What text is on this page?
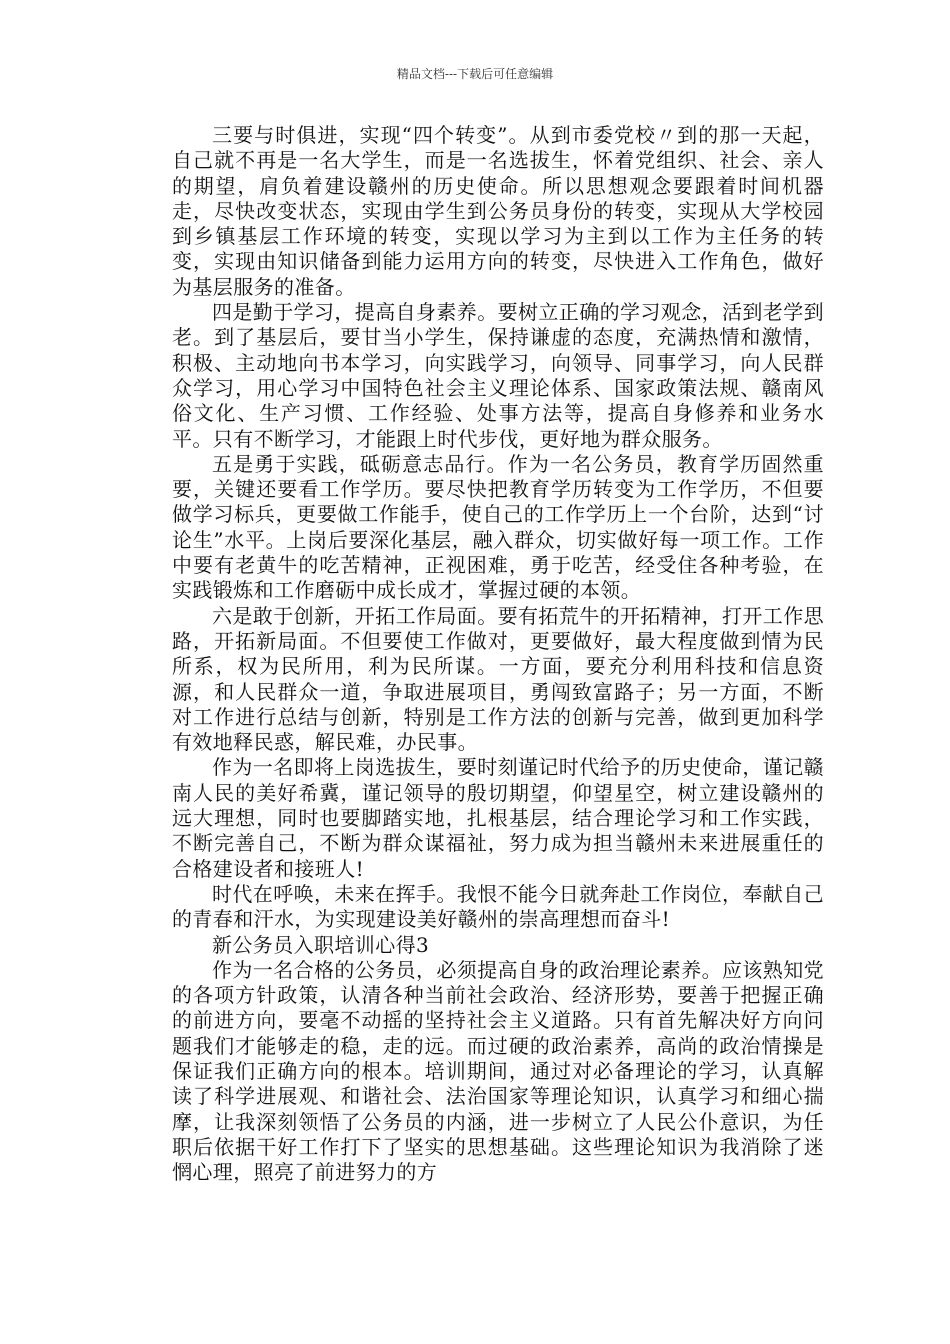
精品文档---下载后可任意编辑

三要与时俱进，实现“四个转变”。从到市委党校〃到的那一天起，自己就不再是一名大学生，而是一名选拔生，怀着党组织、社会、亲人的期望，肩负着建设赣州的历史使命。所以思想观念要跟着时间机器走，尽快改变状态，实现由学生到公务员身份的转变，实现从大学校园到乡镇基层工作环境的转变，实现以学习为主到以工作为主任务的转变，实现由知识储备到能力运用方向的转变，尽快进入工作角色，做好为基层服务的准备。

四是勤于学习，提高自身素养。要树立正确的学习观念，活到老学到老。到了基层后，要甘当小学生，保持谦虚的态度，充满热情和激情，积极、主动地向书本学习，向实践学习，向领导、同事学习，向人民群众学习，用心学习中国特色社会主义理论体系、国家政策法规、赣南风俗文化、生产习惯、工作经验、处事方法等，提高自身修养和业务水平。只有不断学习，才能跟上时代步伐，更好地为群众服务。

五是勇于实践，砥砺意志品行。作为一名公务员，教育学历固然重要，关键还要看工作学历。要尽快把教育学历转变为工作学历，不但要做学习标兵，更要做工作能手，使自己的工作学历上一个台阶，达到“讨论生”水平。上岗后要深化基层，融入群众，切实做好每一项工作。工作中要有老黄牛的吃苦精神，正视困难，勇于吃苦，经受住各种考验，在实践锻炼和工作磨砺中成长成才，掌握过硬的本领。

六是敢于创新，开拓工作局面。要有拓荒牛的开拓精神，打开工作思路，开拓新局面。不但要使工作做对，更要做好，最大程度做到情为民所系，权为民所用，利为民所谋。一方面，要充分利用科技和信息资源，和人民群众一道，争取进展项目，勇闯致富路子；另一方面，不断对工作进行总结与创新，特别是工作方法的创新与完善，做到更加科学有效地释民惑，解民难，办民事。

作为一名即将上岗选拔生，要时刻谨记时代给予的历史使命，谨记赣南人民的美好希冀，谨记领导的殷切期望，仰望星空，树立建设赣州的远大理想，同时也要脚踏实地，扎根基层，结合理论学习和工作实践，不断完善自己，不断为群众谋福祉，努力成为担当赣州未来进展重任的合格建设者和接班人!

时代在呼唤，未来在挥手。我恨不能今日就奔赴工作岗位，奉献自己的青春和汗水，为实现建设美好赣州的崇高理想而奋斗!

新公务员入职培训心得3

作为一名合格的公务员，必须提高自身的政治理论素养。应该熟知党的各项方针政策，认清各种当前社会政治、经济形势，要善于把握正确的前进方向，要毫不动摇的坚持社会主义道路。只有首先解决好方向问题我们才能够走的稳，走的远。而过硬的政治素养，高尚的政治情操是保证我们正确方向的根本。培训期间，通过对必备理论的学习，认真解读了科学进展观、和谐社会、法治国家等理论知识，认真学习和细心揣摩，让我深刻领悟了公务员的内涵，进一步树立了人民公仆意识，为任职后依据干好工作打下了坚实的思想基础。这些理论知识为我消除了迷惘心理，照亮了前进努力的方
